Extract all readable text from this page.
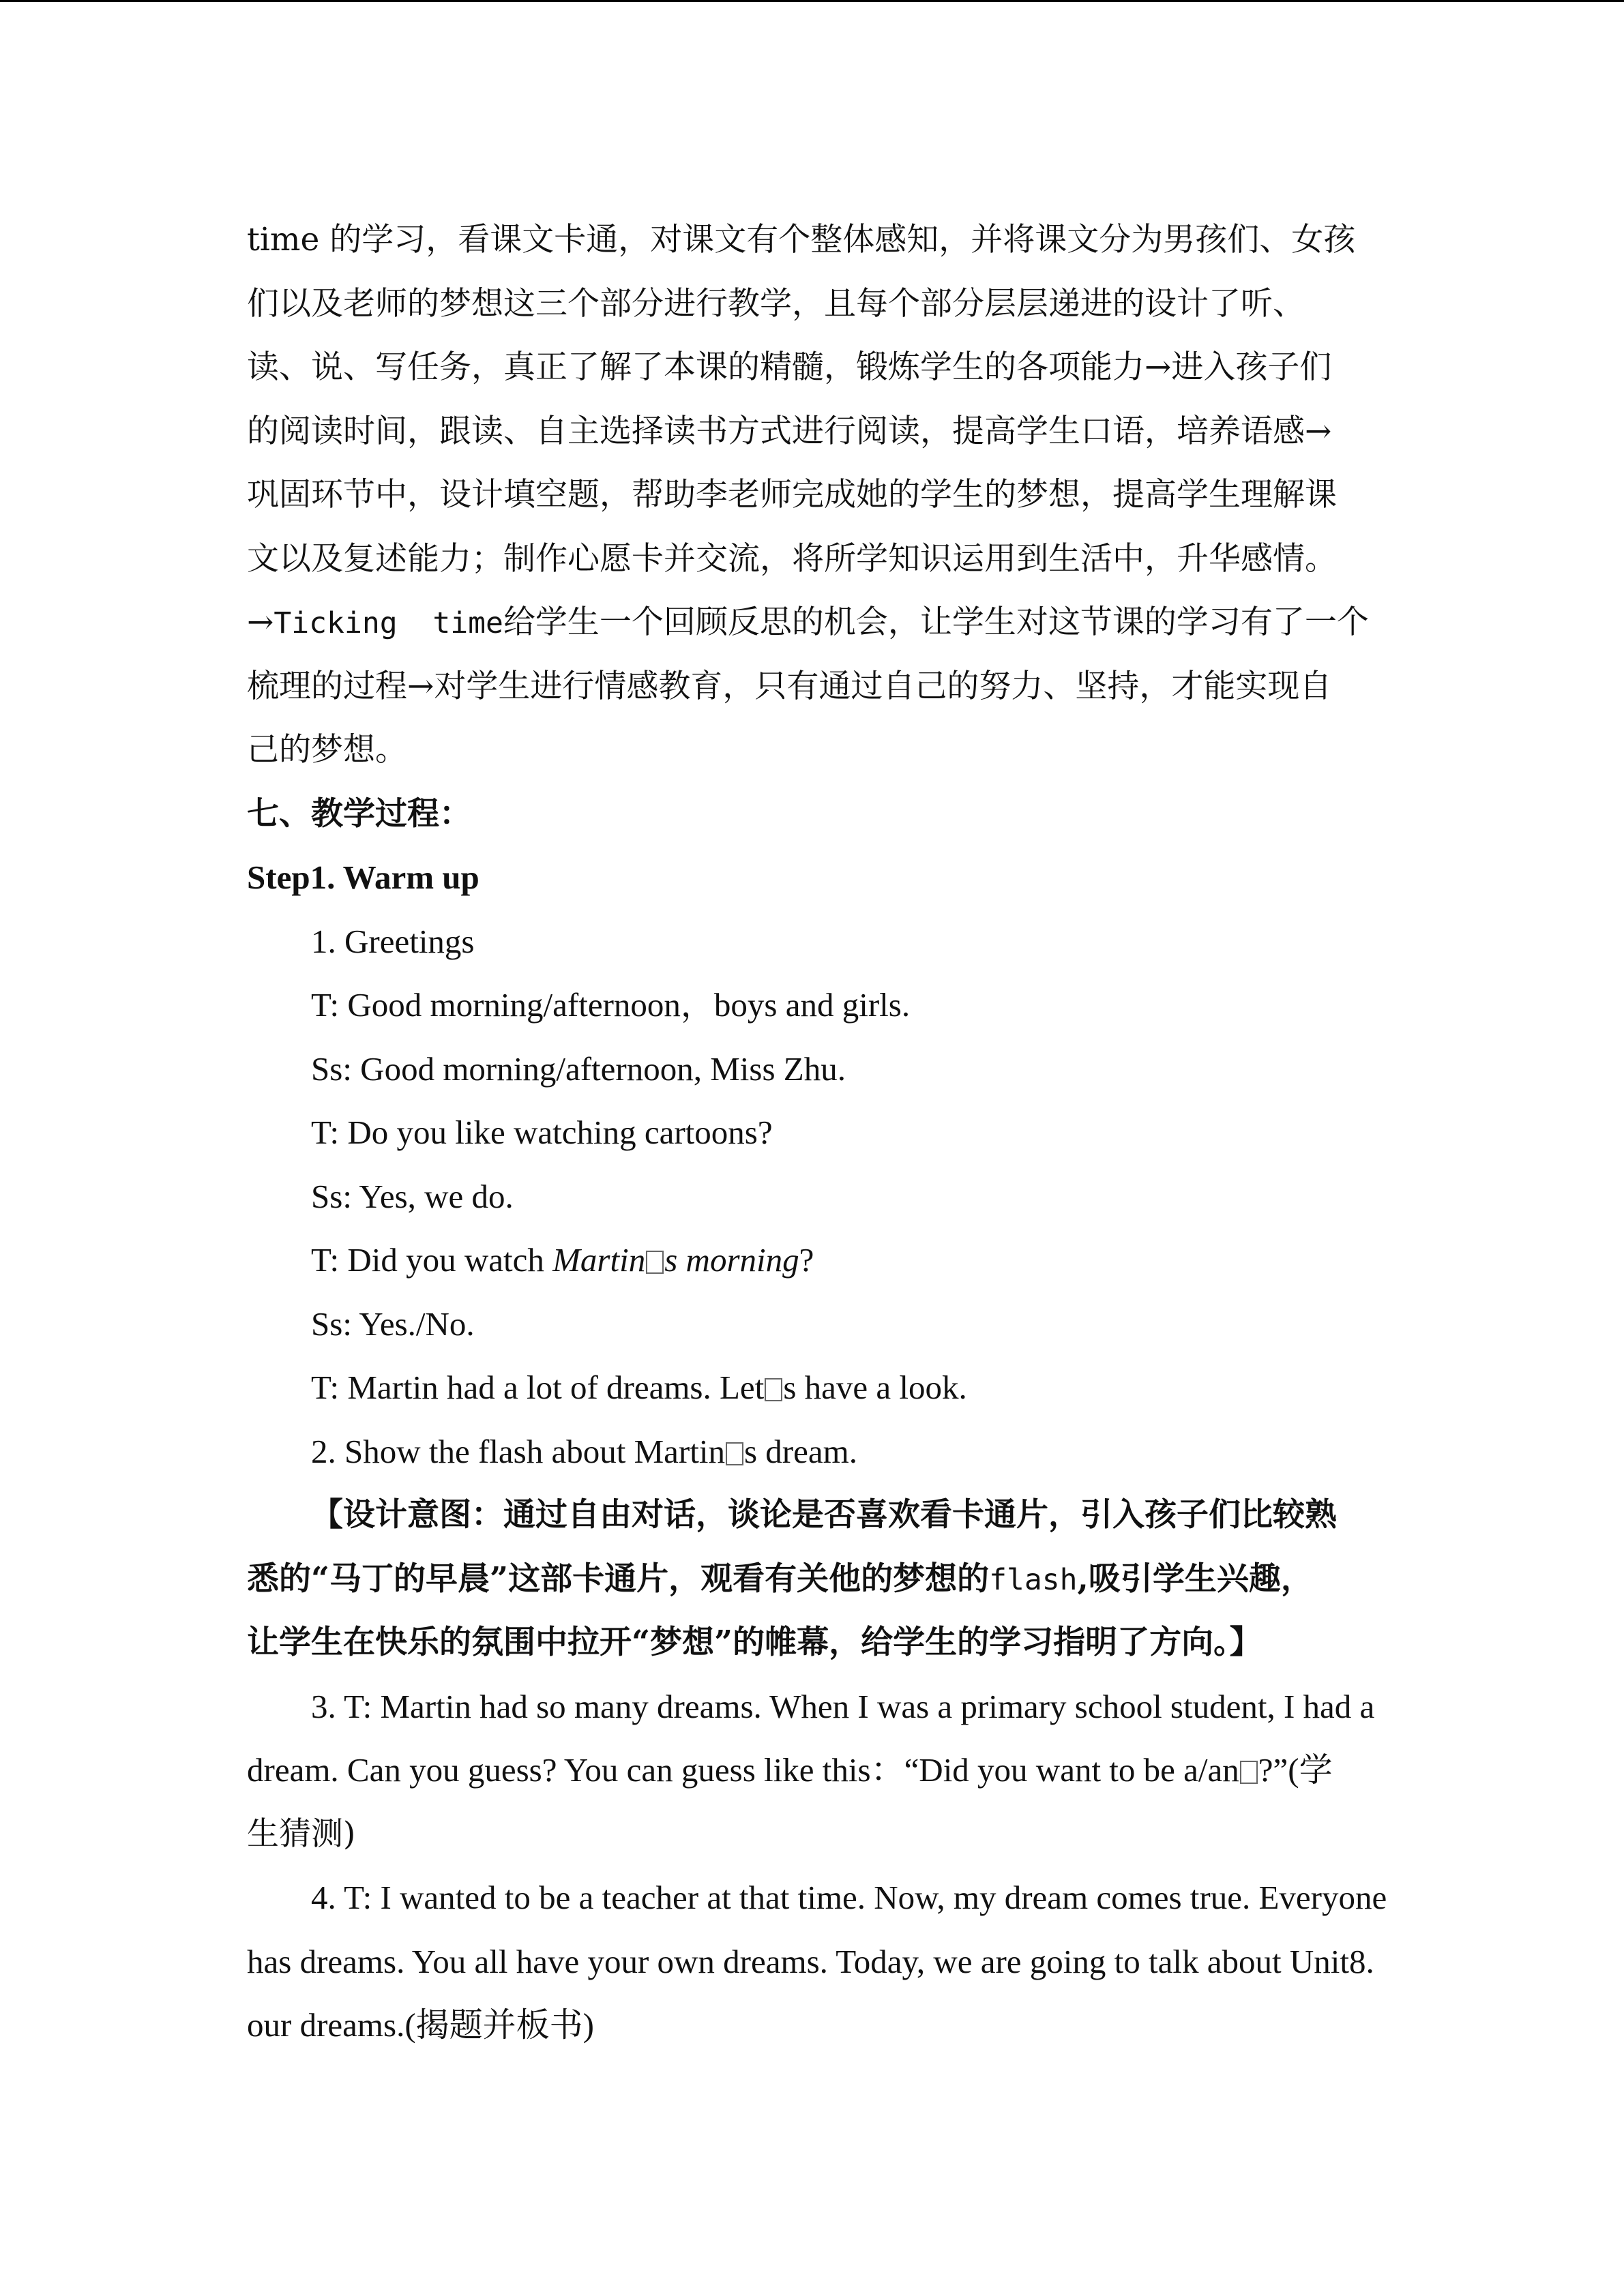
time 的学习，看课文卡通，对课文有个整体感知，并将课文分为男孩们、女孩
们以及老师的梦想这三个部分进行教学，且每个部分层层递进的设计了听、
读、说、写任务，真正了解了本课的精髓，锻炼学生的各项能力→进入孩子们
的阅读时间，跟读、自主选择读书方式进行阅读，提高学生口语，培养语感→
巩固环节中，设计填空题，帮助李老师完成她的学生的梦想，提高学生理解课
文以及复述能力；制作心愿卡并交流，将所学知识运用到生活中，升华感情。
→Ticking  time给学生一个回顾反思的机会，让学生对这节课的学习有了一个
梳理的过程→对学生进行情感教育，只有通过自己的努力、坚持，才能实现自
己的梦想。
七、教学过程：
Step1. Warm up
1. Greetings
T: Good morning/afternoon，boys and girls.
Ss: Good morning/afternoon, Miss Zhu.
T: Do you like watching cartoons?
Ss: Yes, we do.
T: Did you watch Martin s morning?
Ss: Yes./No.
T: Martin had a lot of dreams. Let s have a look.
2. Show the flash about Martin s dream.
【设计意图：通过自由对话，谈论是否喜欢看卡通片，引入孩子们比较熟
悉的“马丁的早晨”这部卡通片，观看有关他的梦想的flash,吸引学生兴趣，
让学生在快乐的氛围中拉开“梦想”的帷幕，给学生的学习指明了方向。】
3. T: Martin had so many dreams. When I was a primary school student, I had a
dream. Can you guess? You can guess like this：“Did you want to be a/an ?”(学
生猜测)
4. T: I wanted to be a teacher at that time. Now, my dream comes true. Everyone
has dreams. You all have your own dreams. Today, we are going to talk about Unit8.
our dreams.(揭题并板书)
